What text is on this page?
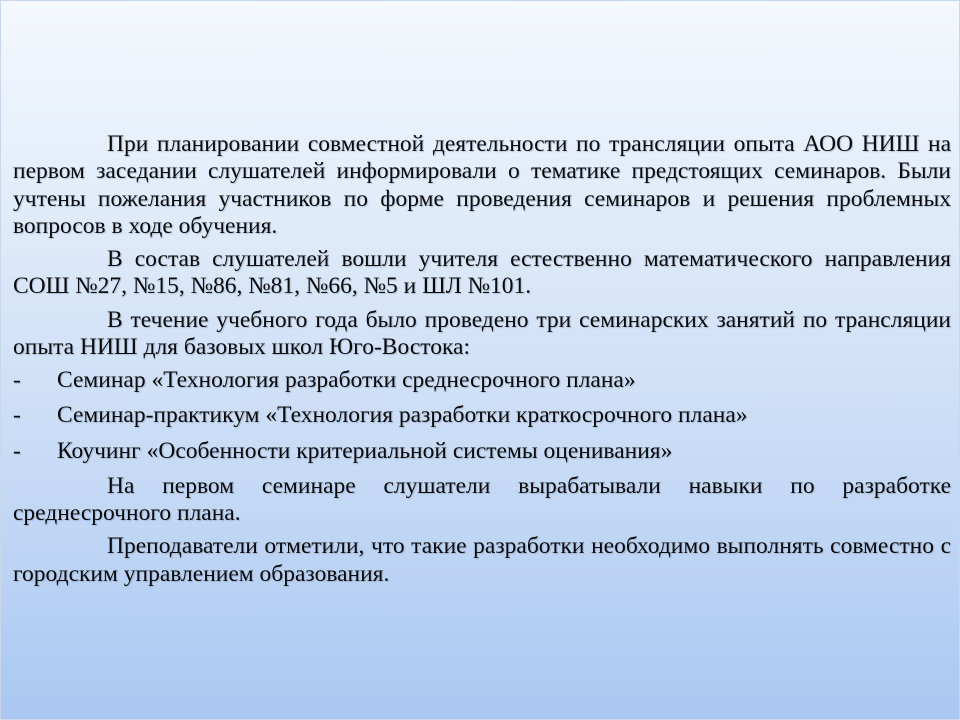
При планировании совместной деятельности по трансляции опыта АОО НИШ на первом заседании слушателей информировали о тематике предстоящих семинаров. Были учтены пожелания участников по форме проведения семинаров и решения проблемных вопросов в ходе обучения.

В состав слушателей вошли учителя естественно математического направления СОШ №27, №15, №86, №81, №66, №5 и ШЛ №101.

В течение учебного года было проведено три семинарских занятий по трансляции опыта НИШ для базовых школ Юго-Востока:

-	Семинар «Технология разработки среднесрочного плана»
-	Семинар-практикум «Технология разработки краткосрочного плана»
-	Коучинг «Особенности критериальной системы оценивания»

На первом семинаре слушатели вырабатывали навыки по разработке среднесрочного плана.

Преподаватели отметили, что такие разработки необходимо выполнять совместно с городским управлением образования.
